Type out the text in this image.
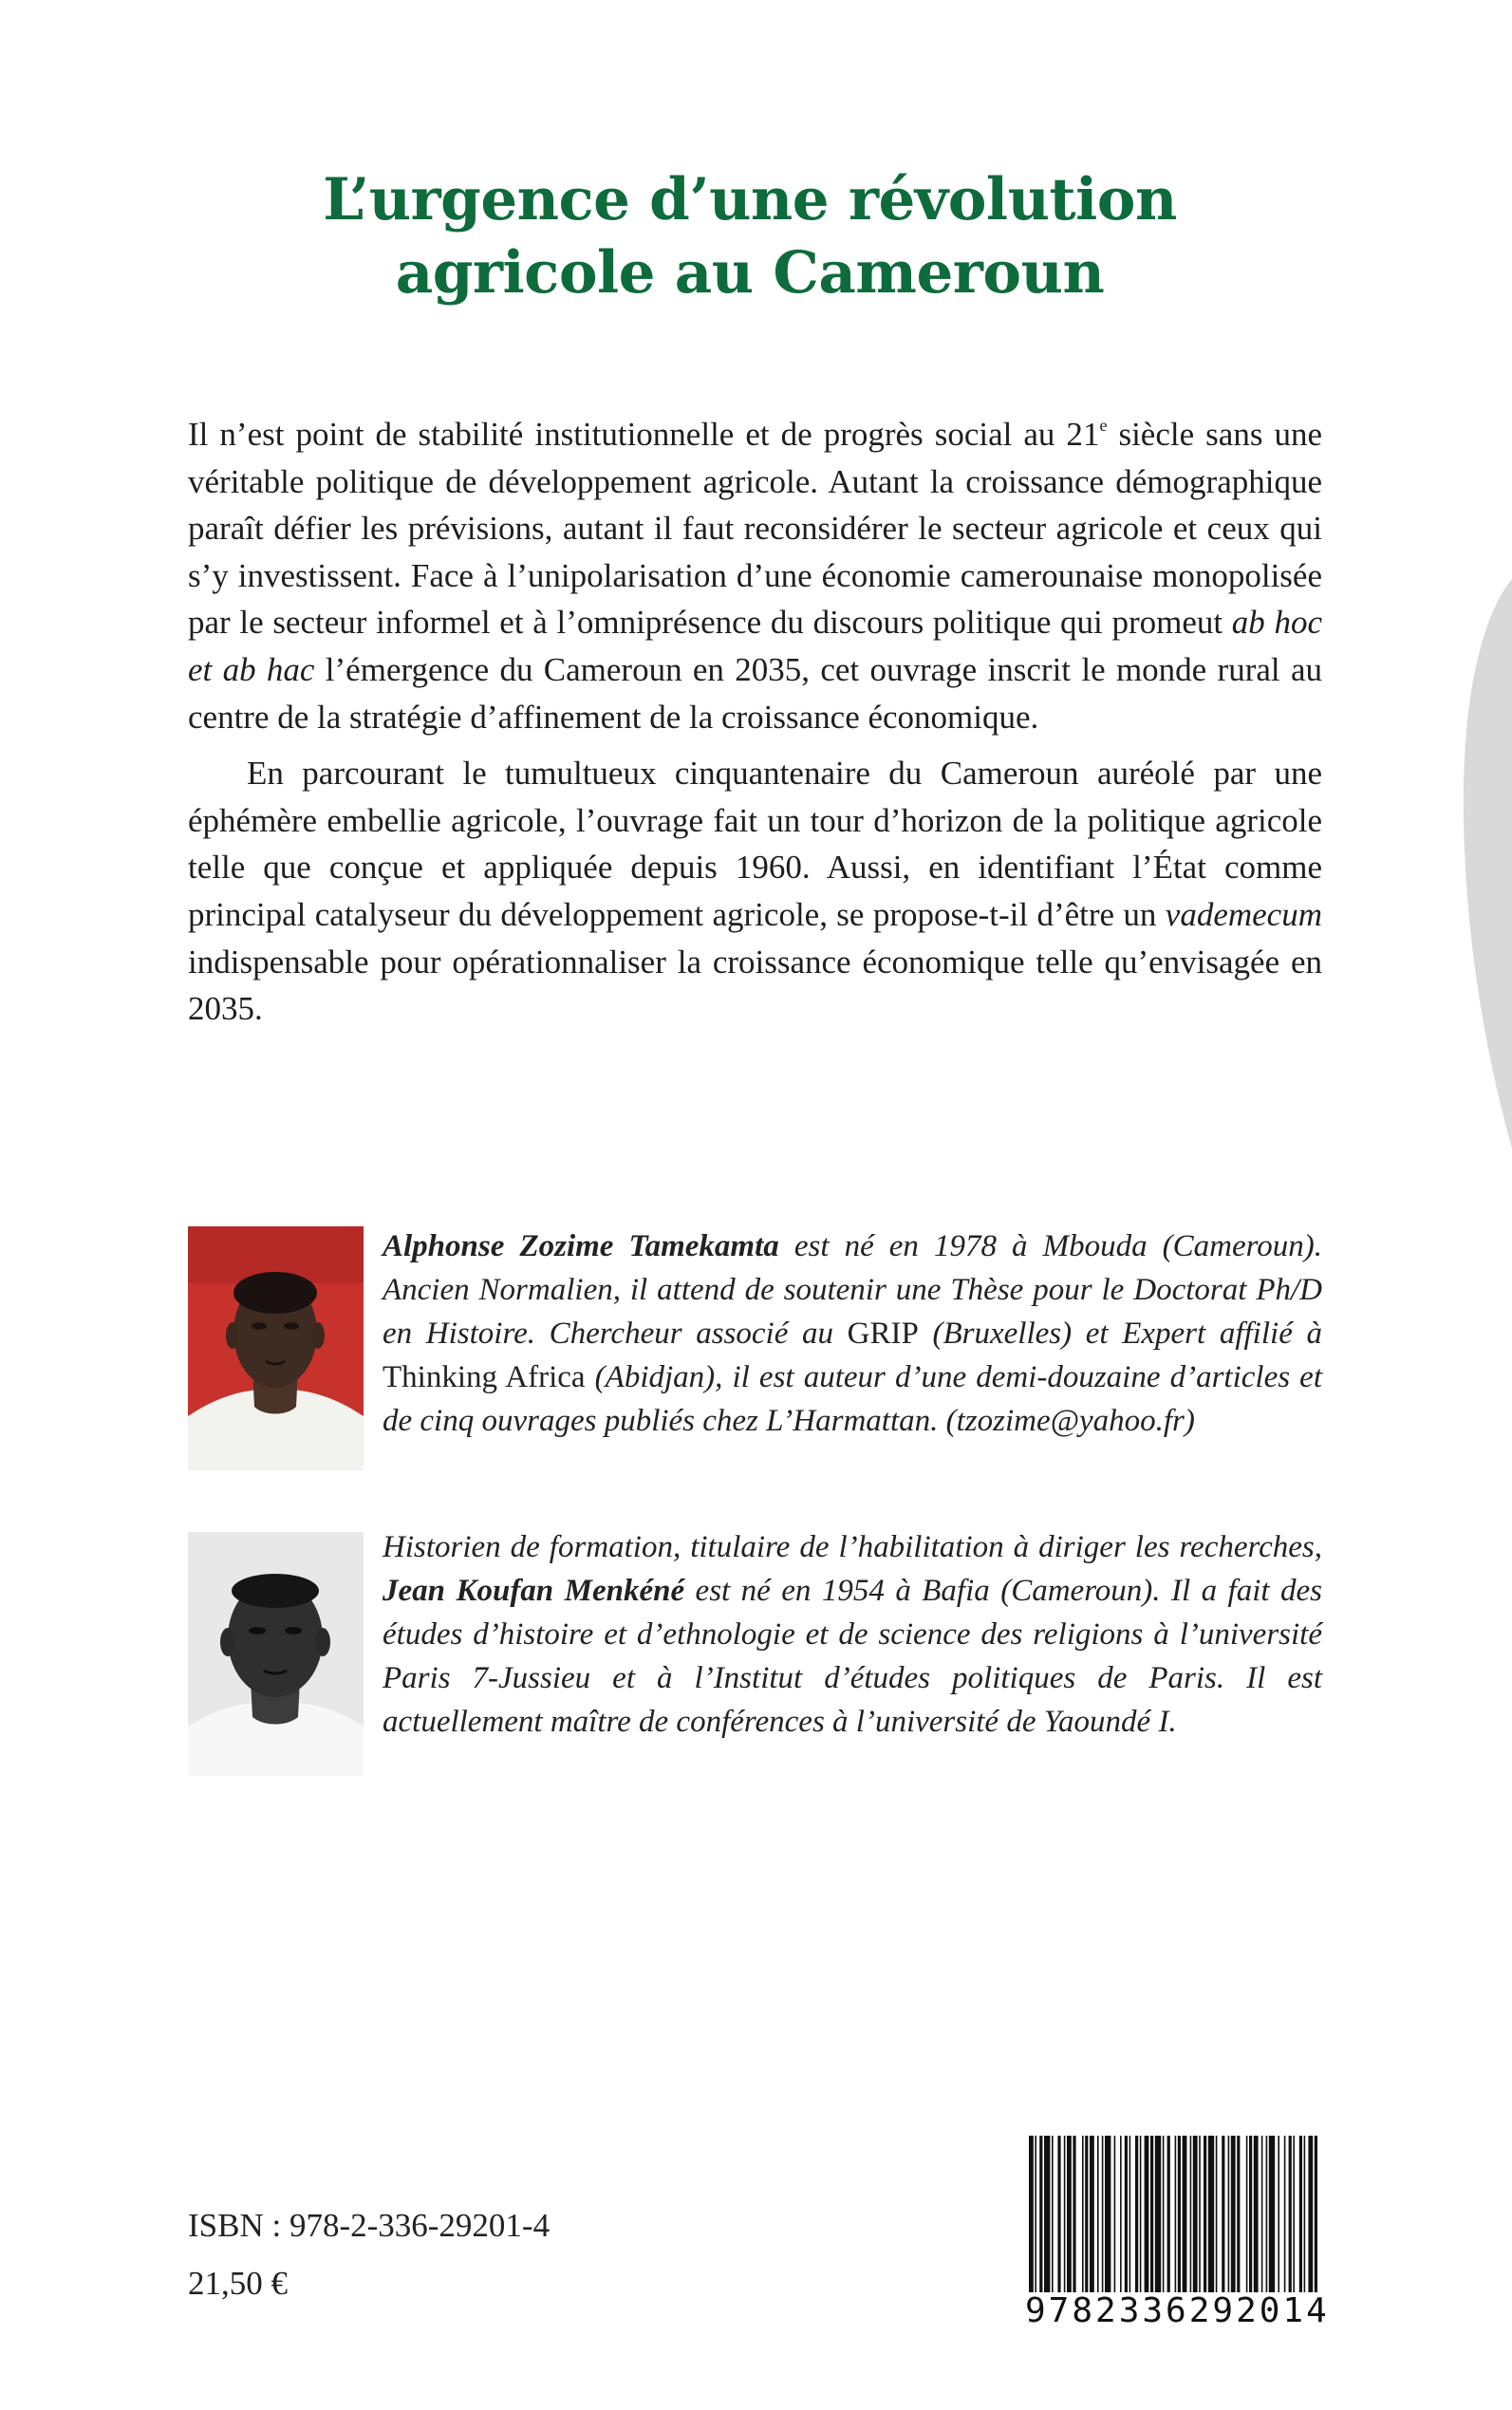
L’urgence d’une révolution
agricole au Cameroun

Il n’est point de stabilité institutionnelle et de progrès social au 21e siècle sans une véritable politique de développement agricole. Autant la croissance démographique paraît défier les prévisions, autant il faut reconsidérer le secteur agricole et ceux qui s’y investissent. Face à l’unipolarisation d’une économie camerounaise monopolisée par le secteur informel et à l’omniprésence du discours politique qui promeut ab hoc et ab hac l’émergence du Cameroun en 2035, cet ouvrage inscrit le monde rural au centre de la stratégie d’affinement de la croissance économique.

En parcourant le tumultueux cinquantenaire du Cameroun auréolé par une éphémère embellie agricole, l’ouvrage fait un tour d’horizon de la politique agricole telle que conçue et appliquée depuis 1960. Aussi, en identifiant l’État comme principal catalyseur du développement agricole, se propose-t-il d’être un vademecum indispensable pour opérationnaliser la croissance économique telle qu’envisagée en 2035.

Alphonse Zozime Tamekamta est né en 1978 à Mbouda (Cameroun). Ancien Normalien, il attend de soutenir une Thèse pour le Doctorat Ph/D en Histoire. Chercheur associé au GRIP (Bruxelles) et Expert affilié à Thinking Africa (Abidjan), il est auteur d’une demi-douzaine d’articles et de cinq ouvrages publiés chez L’Harmattan. (tzozime@yahoo.fr)
Historien de formation, titulaire de l’habilitation à diriger les recherches, Jean Koufan Menkéné est né en 1954 à Bafia (Cameroun). Il a fait des études d’histoire et d’ethnologie et de science des religions à l’université Paris 7-Jussieu et à l’Institut d’études politiques de Paris. Il est actuellement maître de conférences à l’université de Yaoundé I.
ISBN : 978-2-336-29201-4
21,50 €
9782336292014
